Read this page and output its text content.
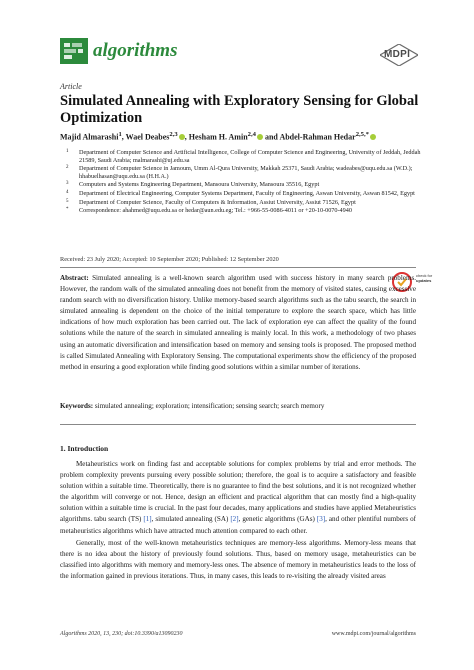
algorithms	MDPI
Article
Simulated Annealing with Exploratory Sensing for Global Optimization
Majid Almarashi$^1$, Wael Deabes$^{2,3}$ , Hesham H. Amin$^{2,4}$ and Abdel-Rahman Hedar$^{2,5,*}$
1 Department of Computer Science and Artificial Intelligence, College of Computer Science and Engineering, University of Jeddah, Jeddah 21589, Saudi Arabia; malmarashi@uj.edu.sa
2 Department of Computer Science in Jamoum, Umm Al-Qura University, Makkah 25371, Saudi Arabia; wadeabes@uqu.edu.sa (W.D.); hhabuelhasan@uqu.edu.sa (H.H.A.)
3 Computers and Systems Engineering Department, Mansoura University, Mansoura 35516, Egypt
4 Department of Electrical Engineering, Computer Systems Department, Faculty of Engineering, Aswan University, Aswan 81542, Egypt
5 Department of Computer Science, Faculty of Computers & Information, Assiut University, Assiut 71526, Egypt
* Correspondence: ahahmed@uqu.edu.sa or hedar@aun.edu.eg; Tel.: +966-55-0086-4011 or +20-10-0070-4940
Received: 23 July 2020; Accepted: 10 September 2020; Published: 12 September 2020
check for
updates
Abstract: Simulated annealing is a well-known search algorithm used with success history in many search problems. However, the random walk of the simulated annealing does not benefit from the memory of visited states, causing excessive random search with no diversification history. Unlike memory-based search algorithms such as the tabu search, the search in simulated annealing is dependent on the choice of the initial temperature to explore the search space, which has little indications of how much exploration has been carried out. The lack of exploration eye can affect the quality of the found solutions while the nature of the search in simulated annealing is mainly local. In this work, a methodology of two phases using an automatic diversification and intensification based on memory and sensing tools is proposed. The proposed method is called Simulated Annealing with Exploratory Sensing. The computational experiments show the efficiency of the proposed method in ensuring a good exploration while finding good solutions within a similar number of iterations.
Keywords: simulated annealing; exploration; intensification; sensing search; search memory
1. Introduction

Metaheuristics work on finding fast and acceptable solutions for complex problems by trial and error methods. The problem complexity prevents pursuing every possible solution; therefore, the goal is to acquire a satisfactory and feasible solution within a suitable time. Theoretically, there is no guarantee to find the best solutions, and it is not recognized whether the algorithm will converge or not. Hence, design an efficient and practical algorithm that can mostly find a high-quality solution within a suitable time is crucial. In the past four decades, many applications and studies have applied Metaheuristics algorithms. tabu search (TS) [1], simulated annealing (SA) [2], genetic algorithms (GAs) [3], and other plentiful numbers of metaheuristics algorithms which have attracted much attention compared to each other.

Generally, most of the well-known metaheuristics techniques are memory-less algorithms. Memory-less means that there is no idea about the history of previously found solutions. Thus, based on memory usage, metaheuristics can be classified into algorithms with memory and memory-less ones. The absence of memory in metaheuristics leads to the loss of the information gained in previous iterations. Thus, in many cases, this leads to re-visiting the already visited areas

Algorithms 2020, 13, 230; doi:10.3390/a13090230	www.mdpi.com/journal/algorithms
